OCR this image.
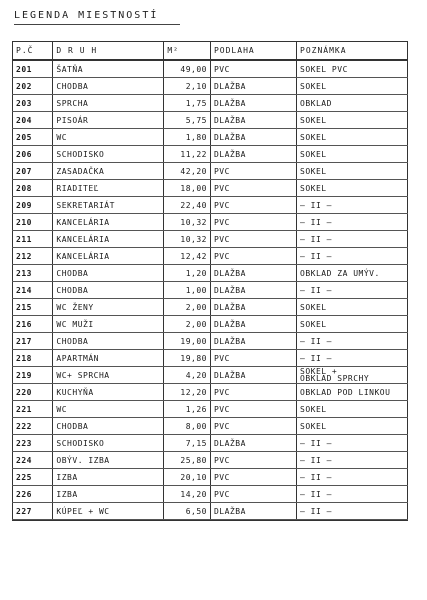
LEGENDA MIESTNOSTÍ
P.Č	D R U H	M²	PODLAHA	POZNÁMKA
201	ŠATŇA	49,00	PVC	SOKEL PVC
202	CHODBA	2,10	DLAŽBA	SOKEL
203	SPRCHA	1,75	DLAŽBA	OBKLAD
204	PISOÁR	5,75	DLAŽBA	SOKEL
205	WC	1,80	DLAŽBA	SOKEL
206	SCHODISKO	11,22	DLAŽBA	SOKEL
207	ZASADAČKA	42,20	PVC	SOKEL
208	RIADITEĽ	18,00	PVC	SOKEL
209	SEKRETARIÁT	22,40	PVC	— II —
210	KANCELÁRIA	10,32	PVC	— II —
211	KANCELÁRIA	10,32	PVC	— II —
212	KANCELÁRIA	12,42	PVC	— II —
213	CHODBA	1,20	DLAŽBA	OBKLAD ZA UMÝV.
214	CHODBA	1,00	DLAŽBA	— II —
215	WC ŽENY	2,00	DLAŽBA	SOKEL
216	WC MUŽI	2,00	DLAŽBA	SOKEL
217	CHODBA	19,00	DLAŽBA	— II —
218	APARTMÁN	19,80	PVC	— II —
219	WC+ SPRCHA	4,20	DLAŽBA	SOKEL +
OBKLAD SPRCHY
220	KUCHYŇA	12,20	PVC	OBKLAD POD LINKOU
221	WC	1,26	PVC	SOKEL
222	CHODBA	8,00	PVC	SOKEL
223	SCHODISKO	7,15	DLAŽBA	— II —
224	OBÝV. IZBA	25,80	PVC	— II —
225	IZBA	20,10	PVC	— II —
226	IZBA	14,20	PVC	— II —
227	KÚPEĽ + WC	6,50	DLAŽBA	— II —
